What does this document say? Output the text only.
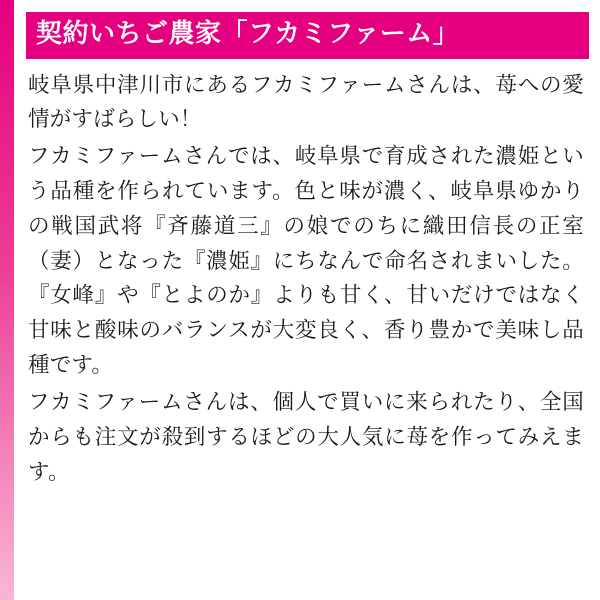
契約いちご農家「フカミファーム」

岐阜県中津川市にあるフカミファームさんは、苺への愛情がすばらしい！

フカミファームさんでは、岐阜県で育成された濃姫という品種を作られています。色と味が濃く、岐阜県ゆかりの戦国武将『斉藤道三』の娘でのちに織田信長の正室（妻）となった『濃姫』にちなんで命名されまいした。『女峰』や『とよのか』よりも甘く、甘いだけではなく甘味と酸味のバランスが大変良く、香り豊かで美味し品種です。

フカミファームさんは、個人で買いに来られたり、全国からも注文が殺到するほどの大人気に苺を作ってみえます。
